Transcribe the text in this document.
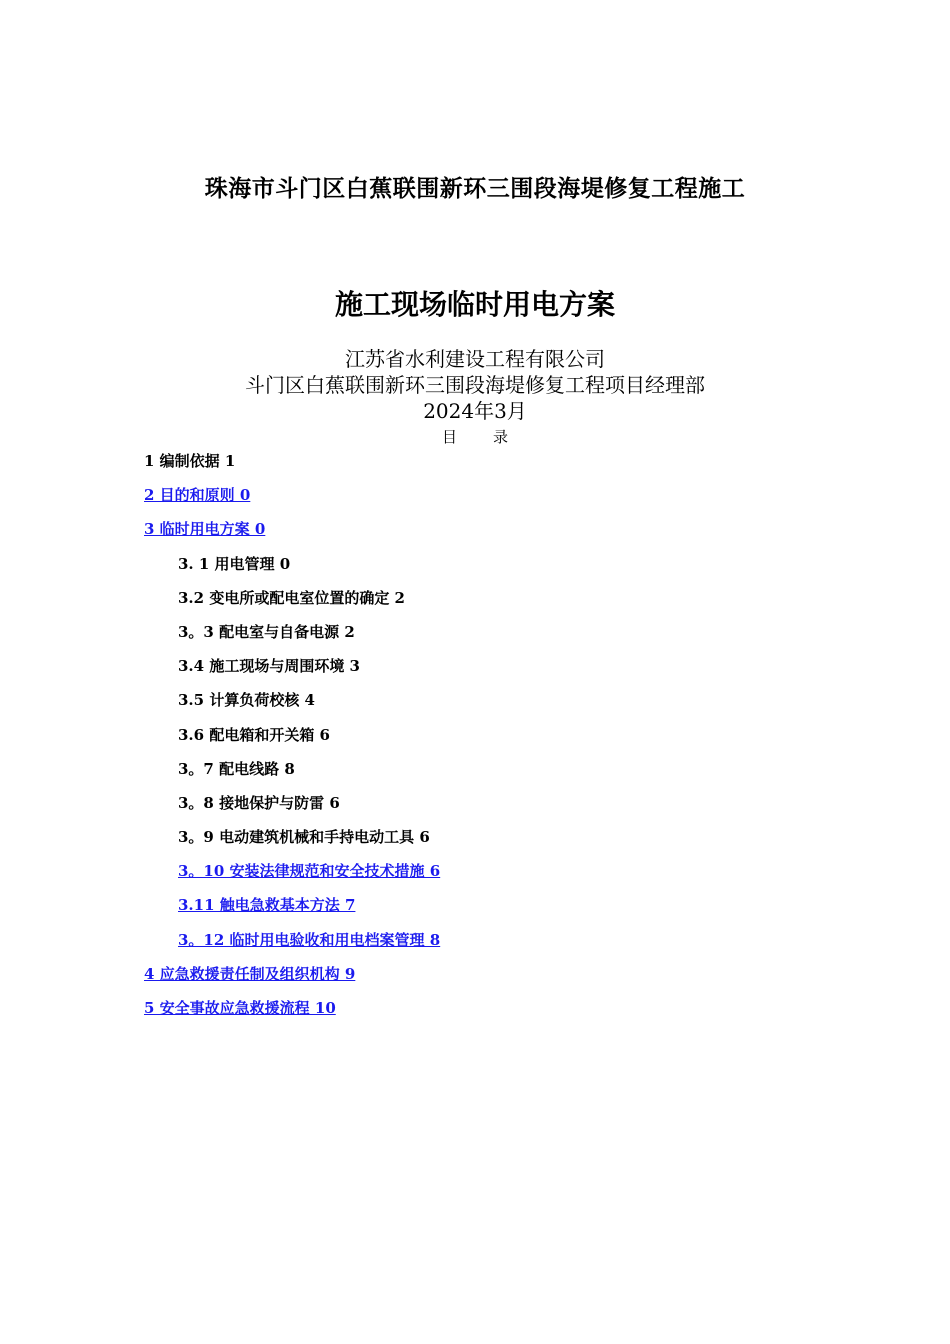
珠海市斗门区白蕉联围新环三围段海堤修复工程施工
施工现场临时用电方案
江苏省水利建设工程有限公司
斗门区白蕉联围新环三围段海堤修复工程项目经理部
2024年3月
目 录
1 编制依据 1
2 目的和原则 0
3 临时用电方案 0
3. 1 用电管理 0
3.2 变电所或配电室位置的确定 2
3。3 配电室与自备电源 2
3.4 施工现场与周围环境 3
3.5 计算负荷校核 4
3.6 配电箱和开关箱 6
3。7 配电线路 8
3。8 接地保护与防雷 6
3。9 电动建筑机械和手持电动工具 6
3。10 安装法律规范和安全技术措施 6
3.11 触电急救基本方法 7
3。12 临时用电验收和用电档案管理 8
4 应急救援责任制及组织机构 9
5 安全事故应急救援流程 10
